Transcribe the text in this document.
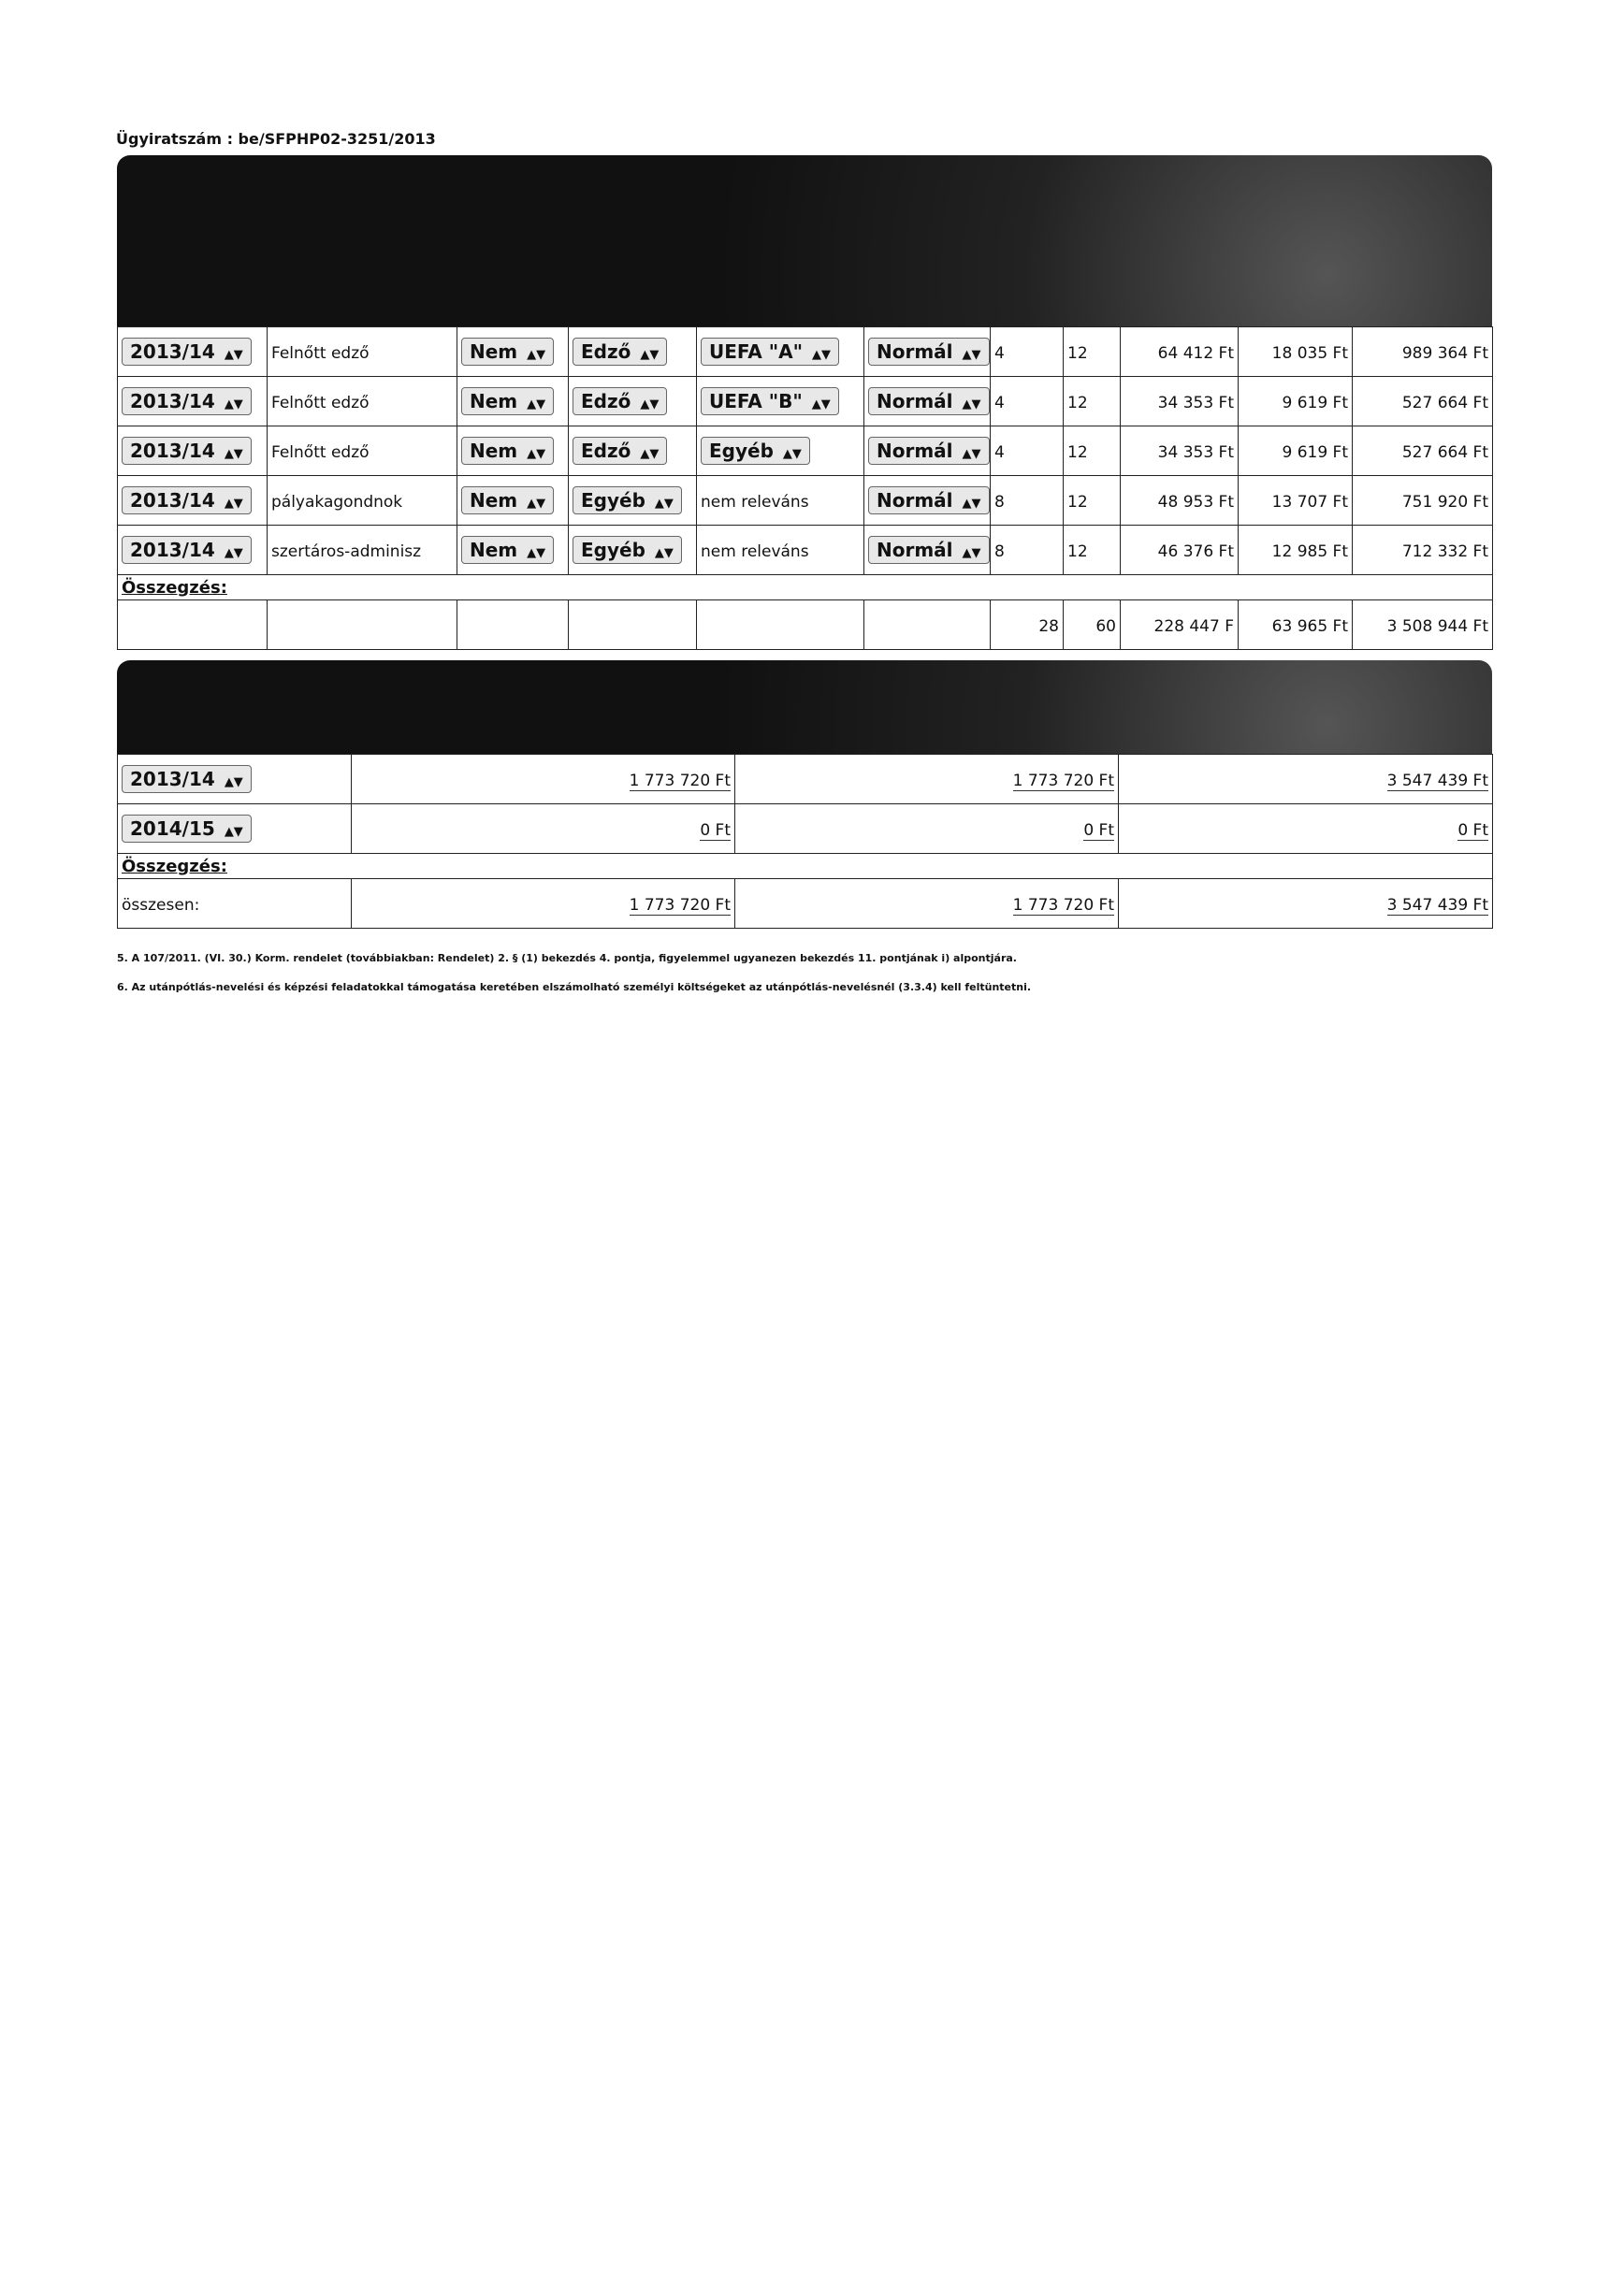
Ügyiratszám : be/SFPHP02-3251/2013
2013/14 ▲▼	Felnőtt edző	Nem ▲▼	Edző ▲▼	UEFA "A" ▲▼	Normál ▲▼	4	12	64 412 Ft	18 035 Ft	989 364 Ft
2013/14 ▲▼	Felnőtt edző	Nem ▲▼	Edző ▲▼	UEFA "B" ▲▼	Normál ▲▼	4	12	34 353 Ft	9 619 Ft	527 664 Ft
2013/14 ▲▼	Felnőtt edző	Nem ▲▼	Edző ▲▼	Egyéb ▲▼	Normál ▲▼	4	12	34 353 Ft	9 619 Ft	527 664 Ft
2013/14 ▲▼	pályakagondnok	Nem ▲▼	Egyéb ▲▼	nem releváns	Normál ▲▼	8	12	48 953 Ft	13 707 Ft	751 920 Ft
2013/14 ▲▼	szertáros-adminisz	Nem ▲▼	Egyéb ▲▼	nem releváns	Normál ▲▼	8	12	46 376 Ft	12 985 Ft	712 332 Ft
Összegzés:										
						28	60	228 447 F	63 965 Ft	3 508 944 Ft
2013/14 ▲▼	1 773 720 Ft	1 773 720 Ft	3 547 439 Ft
2014/15 ▲▼	0 Ft	0 Ft	0 Ft
Összegzés:			
összesen:	1 773 720 Ft	1 773 720 Ft	3 547 439 Ft
5. A 107/2011. (VI. 30.) Korm. rendelet (továbbiakban: Rendelet) 2. § (1) bekezdés 4. pontja, figyelemmel ugyanezen bekezdés 11. pontjának i) alpontjára.
6. Az utánpótlás-nevelési és képzési feladatokkal támogatása keretében elszámolható személyi költségeket az utánpótlás-nevelésnél (3.3.4) kell feltüntetni.
